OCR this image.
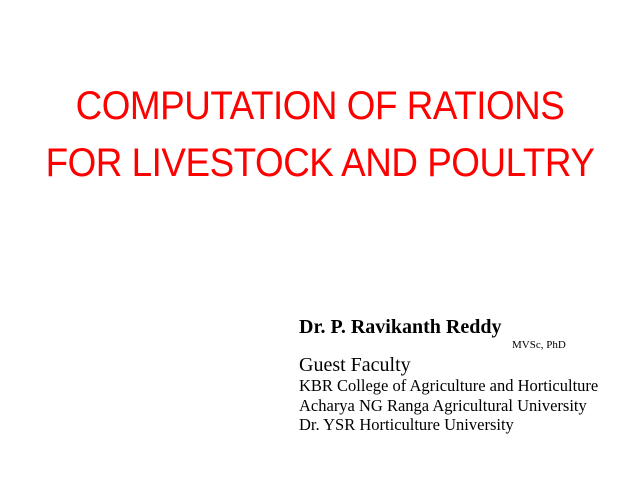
COMPUTATION OF RATIONS
FOR LIVESTOCK AND POULTRY
Dr. P. Ravikanth Reddy
MVSc, PhD
Guest Faculty
KBR College of Agriculture and Horticulture
Acharya NG Ranga Agricultural University
Dr. YSR Horticulture University
